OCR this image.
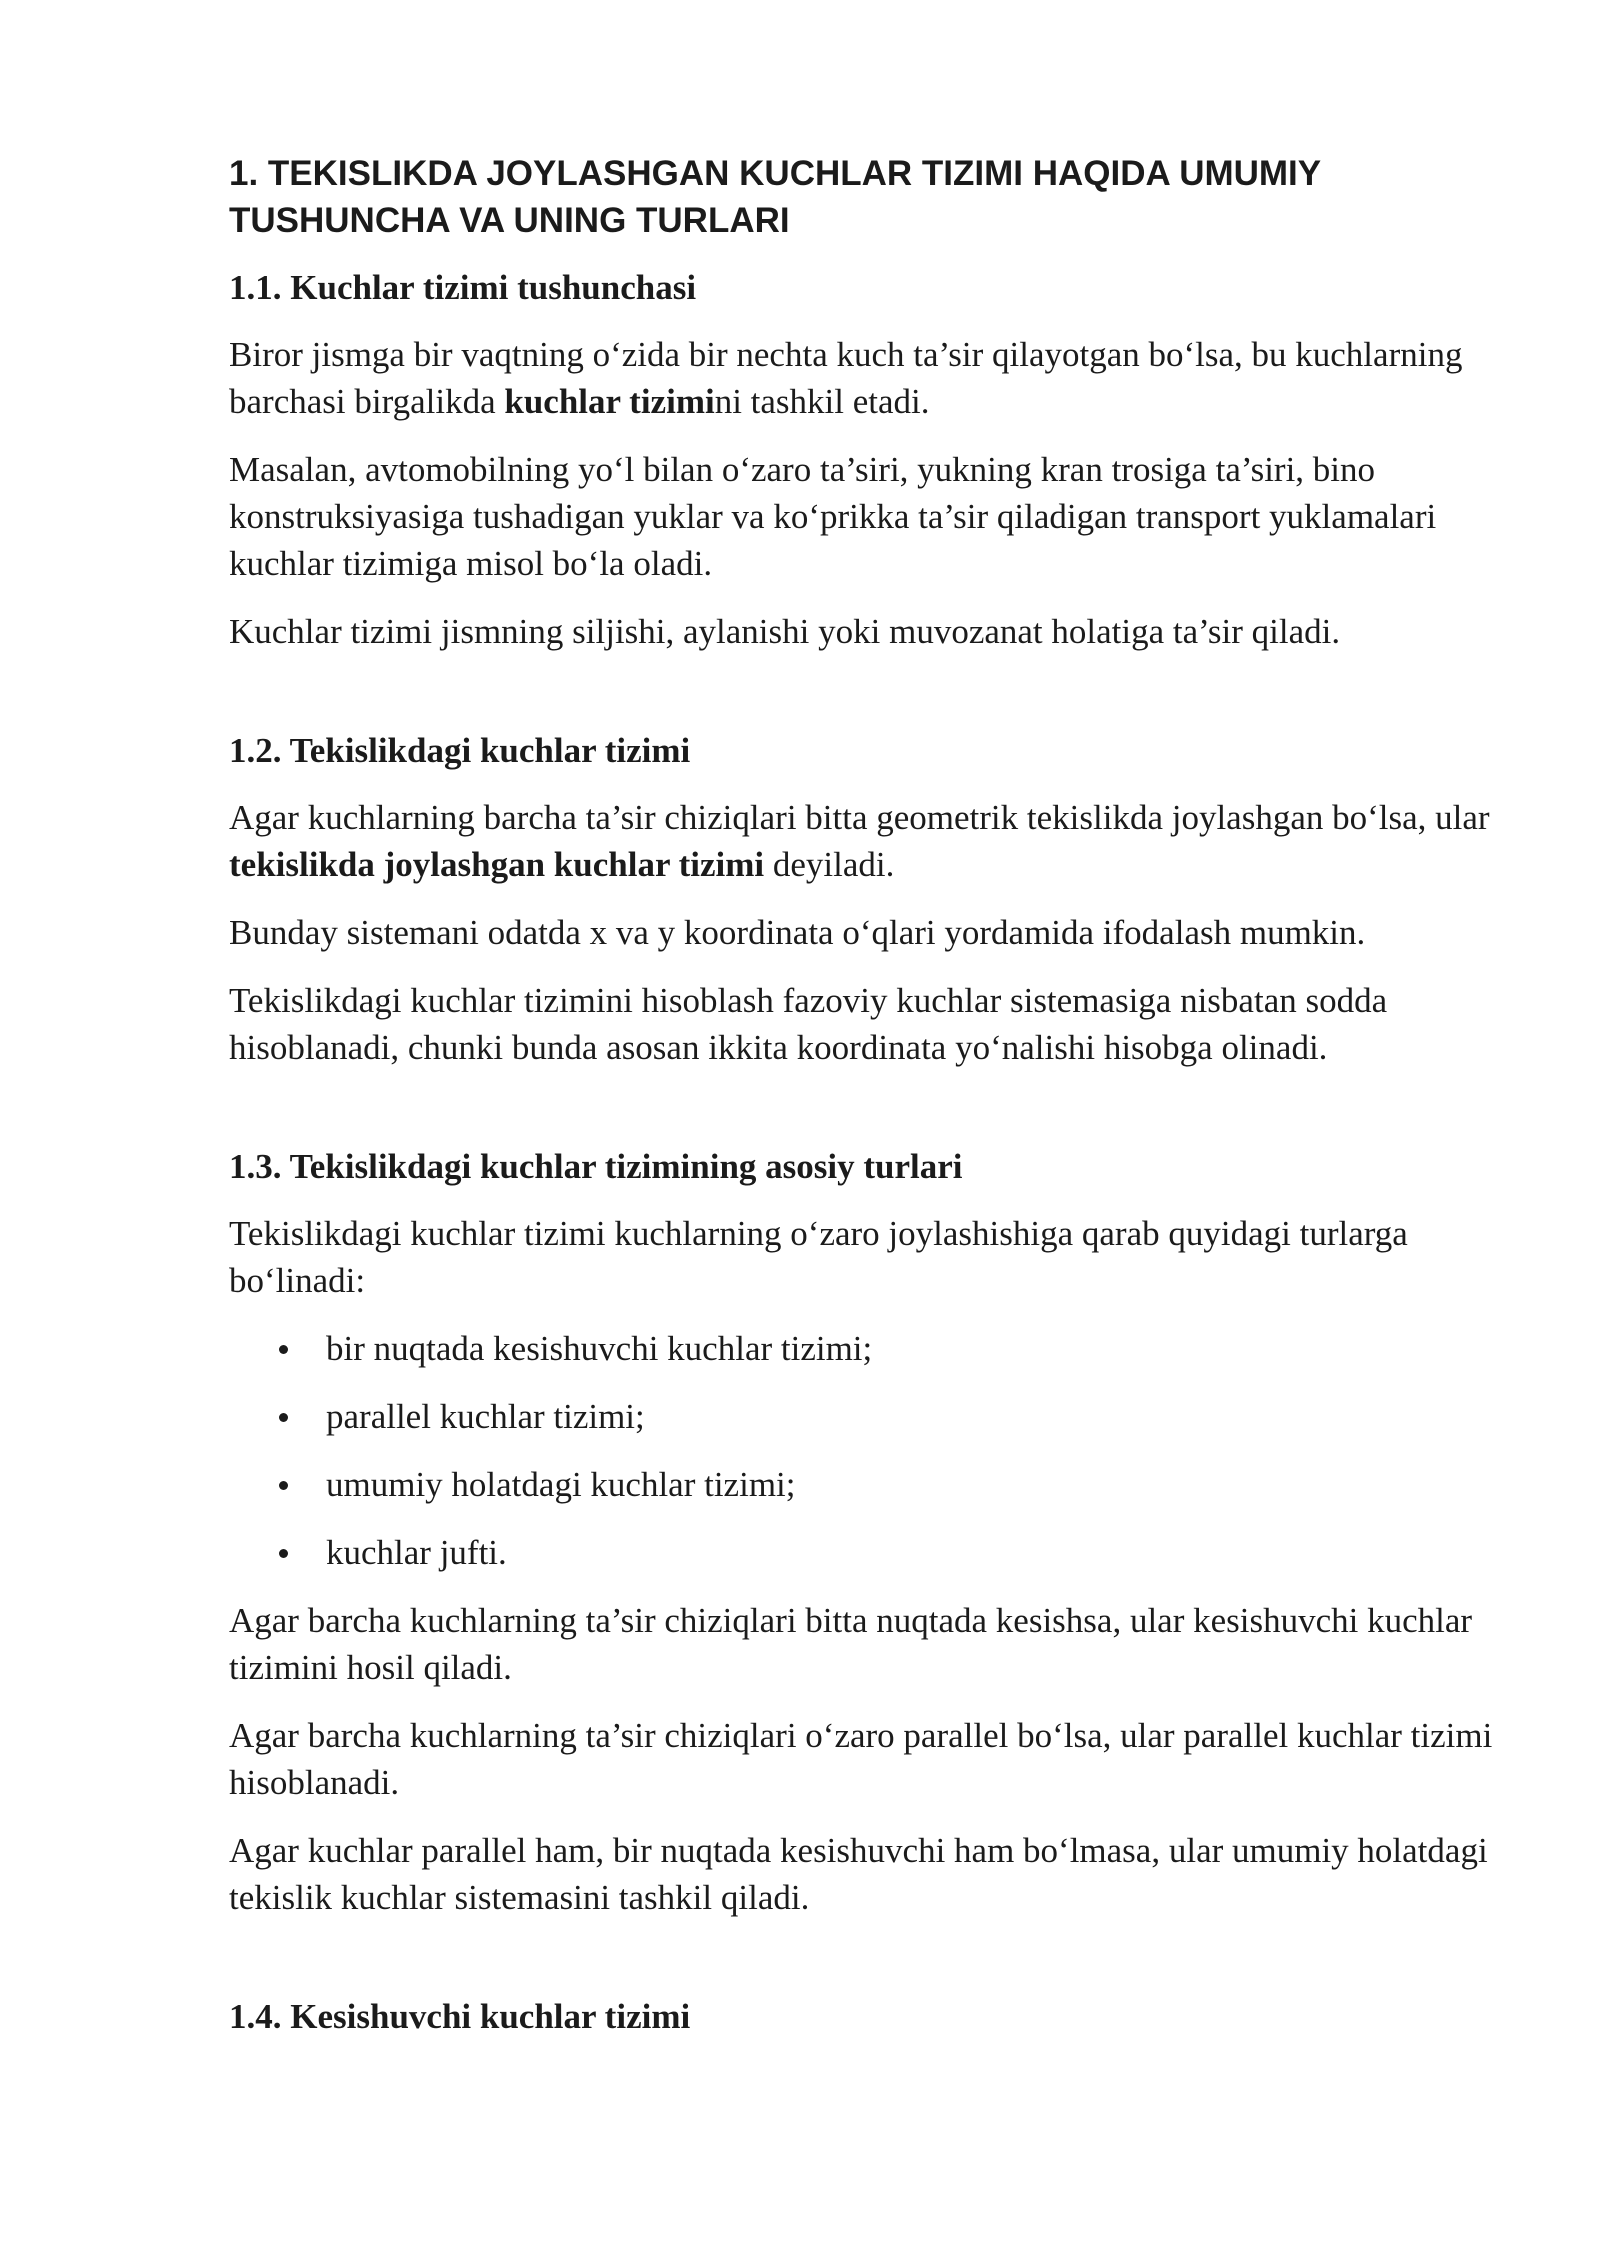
1. TEKISLIKDA JOYLASHGAN KUCHLAR TIZIMI HAQIDA UMUMIY TUSHUNCHA VA UNING TURLARI
1.1. Kuchlar tizimi tushunchasi

Biror jismga bir vaqtning o‘zida bir nechta kuch ta’sir qilayotgan bo‘lsa, bu kuchlarning barchasi birgalikda kuchlar tizimini tashkil etadi.

Masalan, avtomobilning yo‘l bilan o‘zaro ta’siri, yukning kran trosiga ta’siri, bino konstruksiyasiga tushadigan yuklar va ko‘prikka ta’sir qiladigan transport yuklamalari kuchlar tizimiga misol bo‘la oladi.

Kuchlar tizimi jismning siljishi, aylanishi yoki muvozanat holatiga ta’sir qiladi.

1.2. Tekislikdagi kuchlar tizimi

Agar kuchlarning barcha ta’sir chiziqlari bitta geometrik tekislikda joylashgan bo‘lsa, ular tekislikda joylashgan kuchlar tizimi deyiladi.

Bunday sistemani odatda x va y koordinata o‘qlari yordamida ifodalash mumkin.

Tekislikdagi kuchlar tizimini hisoblash fazoviy kuchlar sistemasiga nisbatan sodda hisoblanadi, chunki bunda asosan ikkita koordinata yo‘nalishi hisobga olinadi.

1.3. Tekislikdagi kuchlar tizimining asosiy turlari

Tekislikdagi kuchlar tizimi kuchlarning o‘zaro joylashishiga qarab quyidagi turlarga bo‘linadi:

bir nuqtada kesishuvchi kuchlar tizimi;
parallel kuchlar tizimi;
umumiy holatdagi kuchlar tizimi;
kuchlar jufti.

Agar barcha kuchlarning ta’sir chiziqlari bitta nuqtada kesishsa, ular kesishuvchi kuchlar tizimini hosil qiladi.

Agar barcha kuchlarning ta’sir chiziqlari o‘zaro parallel bo‘lsa, ular parallel kuchlar tizimi hisoblanadi.

Agar kuchlar parallel ham, bir nuqtada kesishuvchi ham bo‘lmasa, ular umumiy holatdagi tekislik kuchlar sistemasini tashkil qiladi.

1.4. Kesishuvchi kuchlar tizimi
